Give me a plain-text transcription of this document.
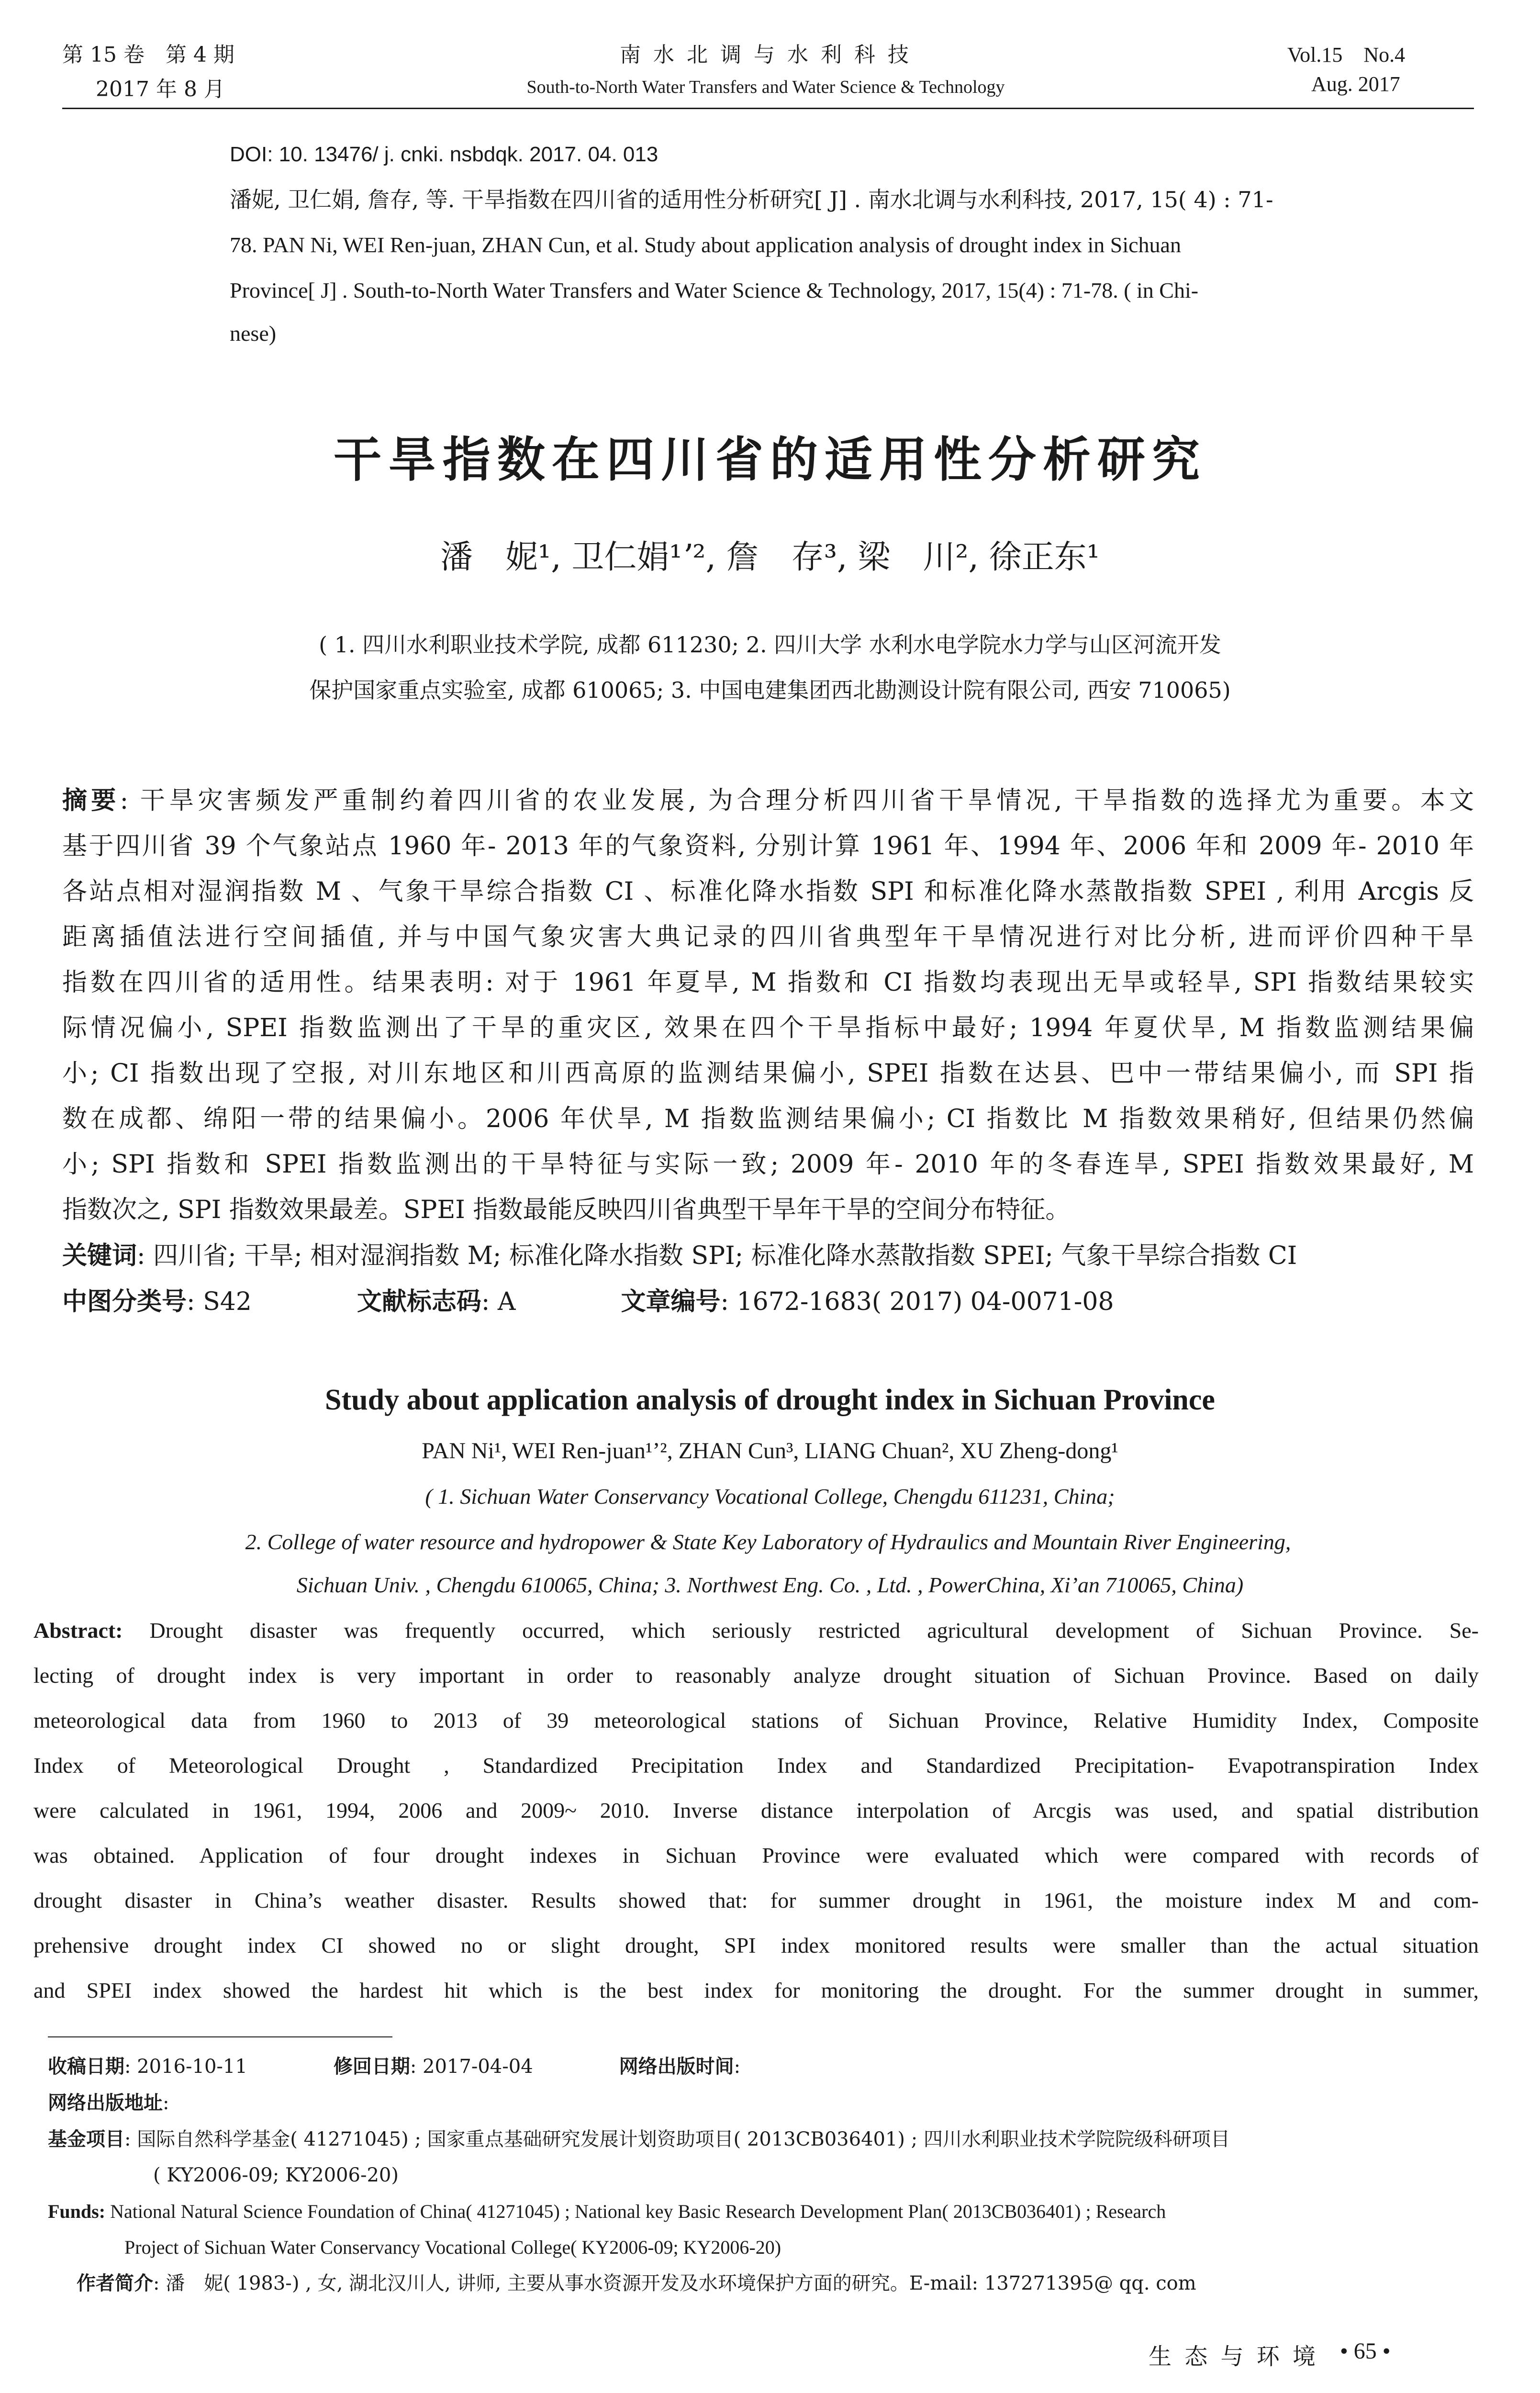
第 15 卷　第 4 期
2017 年 8 月
南 水 北 调 与 水 利 科 技
South-to-North Water Transfers and Water Science & Technology
Vol.15　No.4
Aug. 2017
DOI: 10. 13476/ j. cnki. nsbdqk. 2017. 04. 013
潘妮, 卫仁娟, 詹存, 等. 干旱指数在四川省的适用性分析研究[ J] . 南水北调与水利科技, 2017, 15( 4) : 71-
78. PAN Ni, WEI Ren-juan, ZHAN Cun, et al. Study about application analysis of drought index in Sichuan
Province[ J] . South-to-North Water Transfers and Water Science & Technology, 2017, 15(4) : 71-78. ( in Chi-
nese)
干旱指数在四川省的适用性分析研究
潘　妮¹, 卫仁娟¹ʼ², 詹　存³, 梁　川², 徐正东¹
( 1. 四川水利职业技术学院, 成都 611230; 2. 四川大学 水利水电学院水力学与山区河流开发
保护国家重点实验室, 成都 610065; 3. 中国电建集团西北勘测设计院有限公司, 西安 710065)
摘要: 干旱灾害频发严重制约着四川省的农业发展, 为合理分析四川省干旱情况, 干旱指数的选择尤为重要。本文
基于四川省 39 个气象站点 1960 年- 2013 年的气象资料, 分别计算 1961 年、1994 年、2006 年和 2009 年- 2010 年
各站点相对湿润指数 M 、气象干旱综合指数 CI 、标准化降水指数 SPI 和标准化降水蒸散指数 SPEI , 利用 Arcgis 反
距离插值法进行空间插值, 并与中国气象灾害大典记录的四川省典型年干旱情况进行对比分析, 进而评价四种干旱
指数在四川省的适用性。结果表明: 对于 1961 年夏旱, M 指数和 CI 指数均表现出无旱或轻旱, SPI 指数结果较实
际情况偏小, SPEI 指数监测出了干旱的重灾区, 效果在四个干旱指标中最好; 1994 年夏伏旱, M 指数监测结果偏
小; CI 指数出现了空报, 对川东地区和川西高原的监测结果偏小, SPEI 指数在达县、巴中一带结果偏小, 而 SPI 指
数在成都、绵阳一带的结果偏小。2006 年伏旱, M 指数监测结果偏小; CI 指数比 M 指数效果稍好, 但结果仍然偏
小; SPI 指数和 SPEI 指数监测出的干旱特征与实际一致; 2009 年- 2010 年的冬春连旱, SPEI 指数效果最好, M
指数次之, SPI 指数效果最差。SPEI 指数最能反映四川省典型干旱年干旱的空间分布特征。
关键词: 四川省; 干旱; 相对湿润指数 M; 标准化降水指数 SPI; 标准化降水蒸散指数 SPEI; 气象干旱综合指数 CI
中图分类号: S42	文献标志码: A	文章编号: 1672-1683( 2017) 04-0071-08
Study about application analysis of drought index in Sichuan Province
PAN Ni¹, WEI Ren-juan¹ʼ², ZHAN Cun³, LIANG Chuan², XU Zheng-dong¹
( 1. Sichuan Water Conservancy Vocational College, Chengdu 611231, China;
2. College of water resource and hydropower & State Key Laboratory of Hydraulics and Mountain River Engineering,
Sichuan Univ. , Chengdu 610065, China; 3. Northwest Eng. Co. , Ltd. , PowerChina, Xi’an 710065, China)
Abstract: Drought disaster was frequently occurred, which seriously restricted agricultural development of Sichuan Province. Se-
lecting of drought index is very important in order to reasonably analyze drought situation of Sichuan Province. Based on daily
meteorological data from 1960 to 2013 of 39 meteorological stations of Sichuan Province, Relative Humidity Index, Composite
Index of Meteorological Drought , Standardized Precipitation Index and Standardized Precipitation- Evapotranspiration Index
were calculated in 1961, 1994, 2006 and 2009~ 2010. Inverse distance interpolation of Arcgis was used, and spatial distribution
was obtained. Application of four drought indexes in Sichuan Province were evaluated which were compared with records of
drought disaster in China’s weather disaster. Results showed that: for summer drought in 1961, the moisture index M and com-
prehensive drought index CI showed no or slight drought, SPI index monitored results were smaller than the actual situation
and SPEI index showed the hardest hit which is the best index for monitoring the drought. For the summer drought in summer,
收稿日期: 2016-10-11	修回日期: 2017-04-04	网络出版时间:
网络出版地址:
基金项目: 国际自然科学基金( 41271045) ; 国家重点基础研究发展计划资助项目( 2013CB036401) ; 四川水利职业技术学院院级科研项目
( KY2006-09; KY2006-20)
Funds: National Natural Science Foundation of China( 41271045) ; National key Basic Research Development Plan( 2013CB036401) ; Research
Project of Sichuan Water Conservancy Vocational College( KY2006-09; KY2006-20)
作者简介: 潘　妮( 1983-) , 女, 湖北汉川人, 讲师, 主要从事水资源开发及水环境保护方面的研究。E-mail: 137271395@ qq. com
生 态 与 环 境 • 65 •
